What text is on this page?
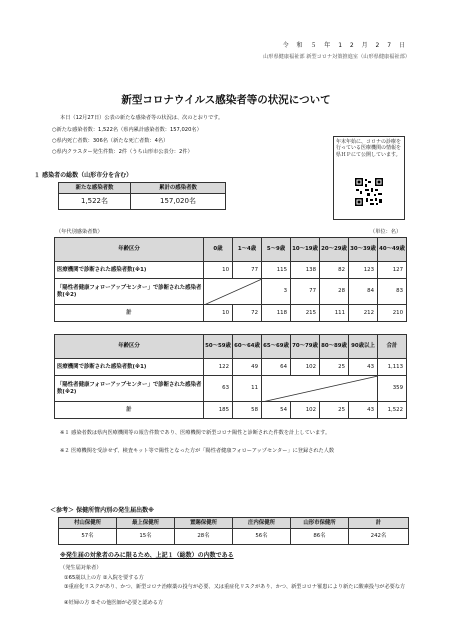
令 和 ５ 年 1 2 月 2 7 日
山形県健康福祉部 新型コロナ対策推進室（山形県健康福祉部）
新型コロナウイルス感染者等の状況について
本日（12月27日）公表の新たな感染者等の状況は、次のとおりです。
○新たな感染者数：1,522名（県内累計感染者数：157,020名）
○県内死亡者数：306名（新たな死亡者数：4名）
○県内クラスター発生件数：2件（うち山形市公表分：2件）
年末年始に、コロナの診療を行っている医療機関の情報を県ＨＰにて公開しています。
１ 感染者の総数（山形市分を含む）
新たな感染者数	累計の感染者数
1,522名	157,020名
（年代別感染者数）	（単位：名）
年齢区分	0歳	1～4歳	5～9歳	10～19歳	20～29歳	30～39歳	40～49歳
医療機関で診断された感染者数(※1)	10	77	115	138	82	123	127
「陽性者健康フォローアップセンター」で診断された感染者数(※2)			3	77	28	84	83
計	10	72	118	215	111	212	210
年齢区分	50～59歳	60～64歳	65～69歳	70～79歳	80～89歳	90歳以上	合計
医療機関で診断された感染者数(※1)	122	49	64	102	25	43	1,113
「陽性者健康フォローアップセンター」で診断された感染者数(※2)	63	11					359
計	185	58	54	102	25	43	1,522
※１ 感染者数は県内医療機関等の報告件数であり、医療機関で新型コロナ陽性と診断された件数を計上しています。
※２ 医療機関を受診せず、検査キット等で陽性となった方が「陽性者健康フォローアップセンター」に登録された人数
＜参考＞ 保健所管内別の発生届出数※
村山保健所	最上保健所	置賜保健所	庄内保健所	山形市保健所	計
57名	15名	28名	56名	86名	242名
※発生届の対象者のみに限るため、上記１（総数）の内数である
（発生届対象者）
①65歳以上の方 ②入院を要する方
③重症化リスクがあり、かつ、新型コロナ治療薬の投与が必要、又は重症化リスクがあり、かつ、新型コロナ罹患により新たに酸素投与が必要な方
④妊婦の方 ⑤その他医師が必要と認める方
